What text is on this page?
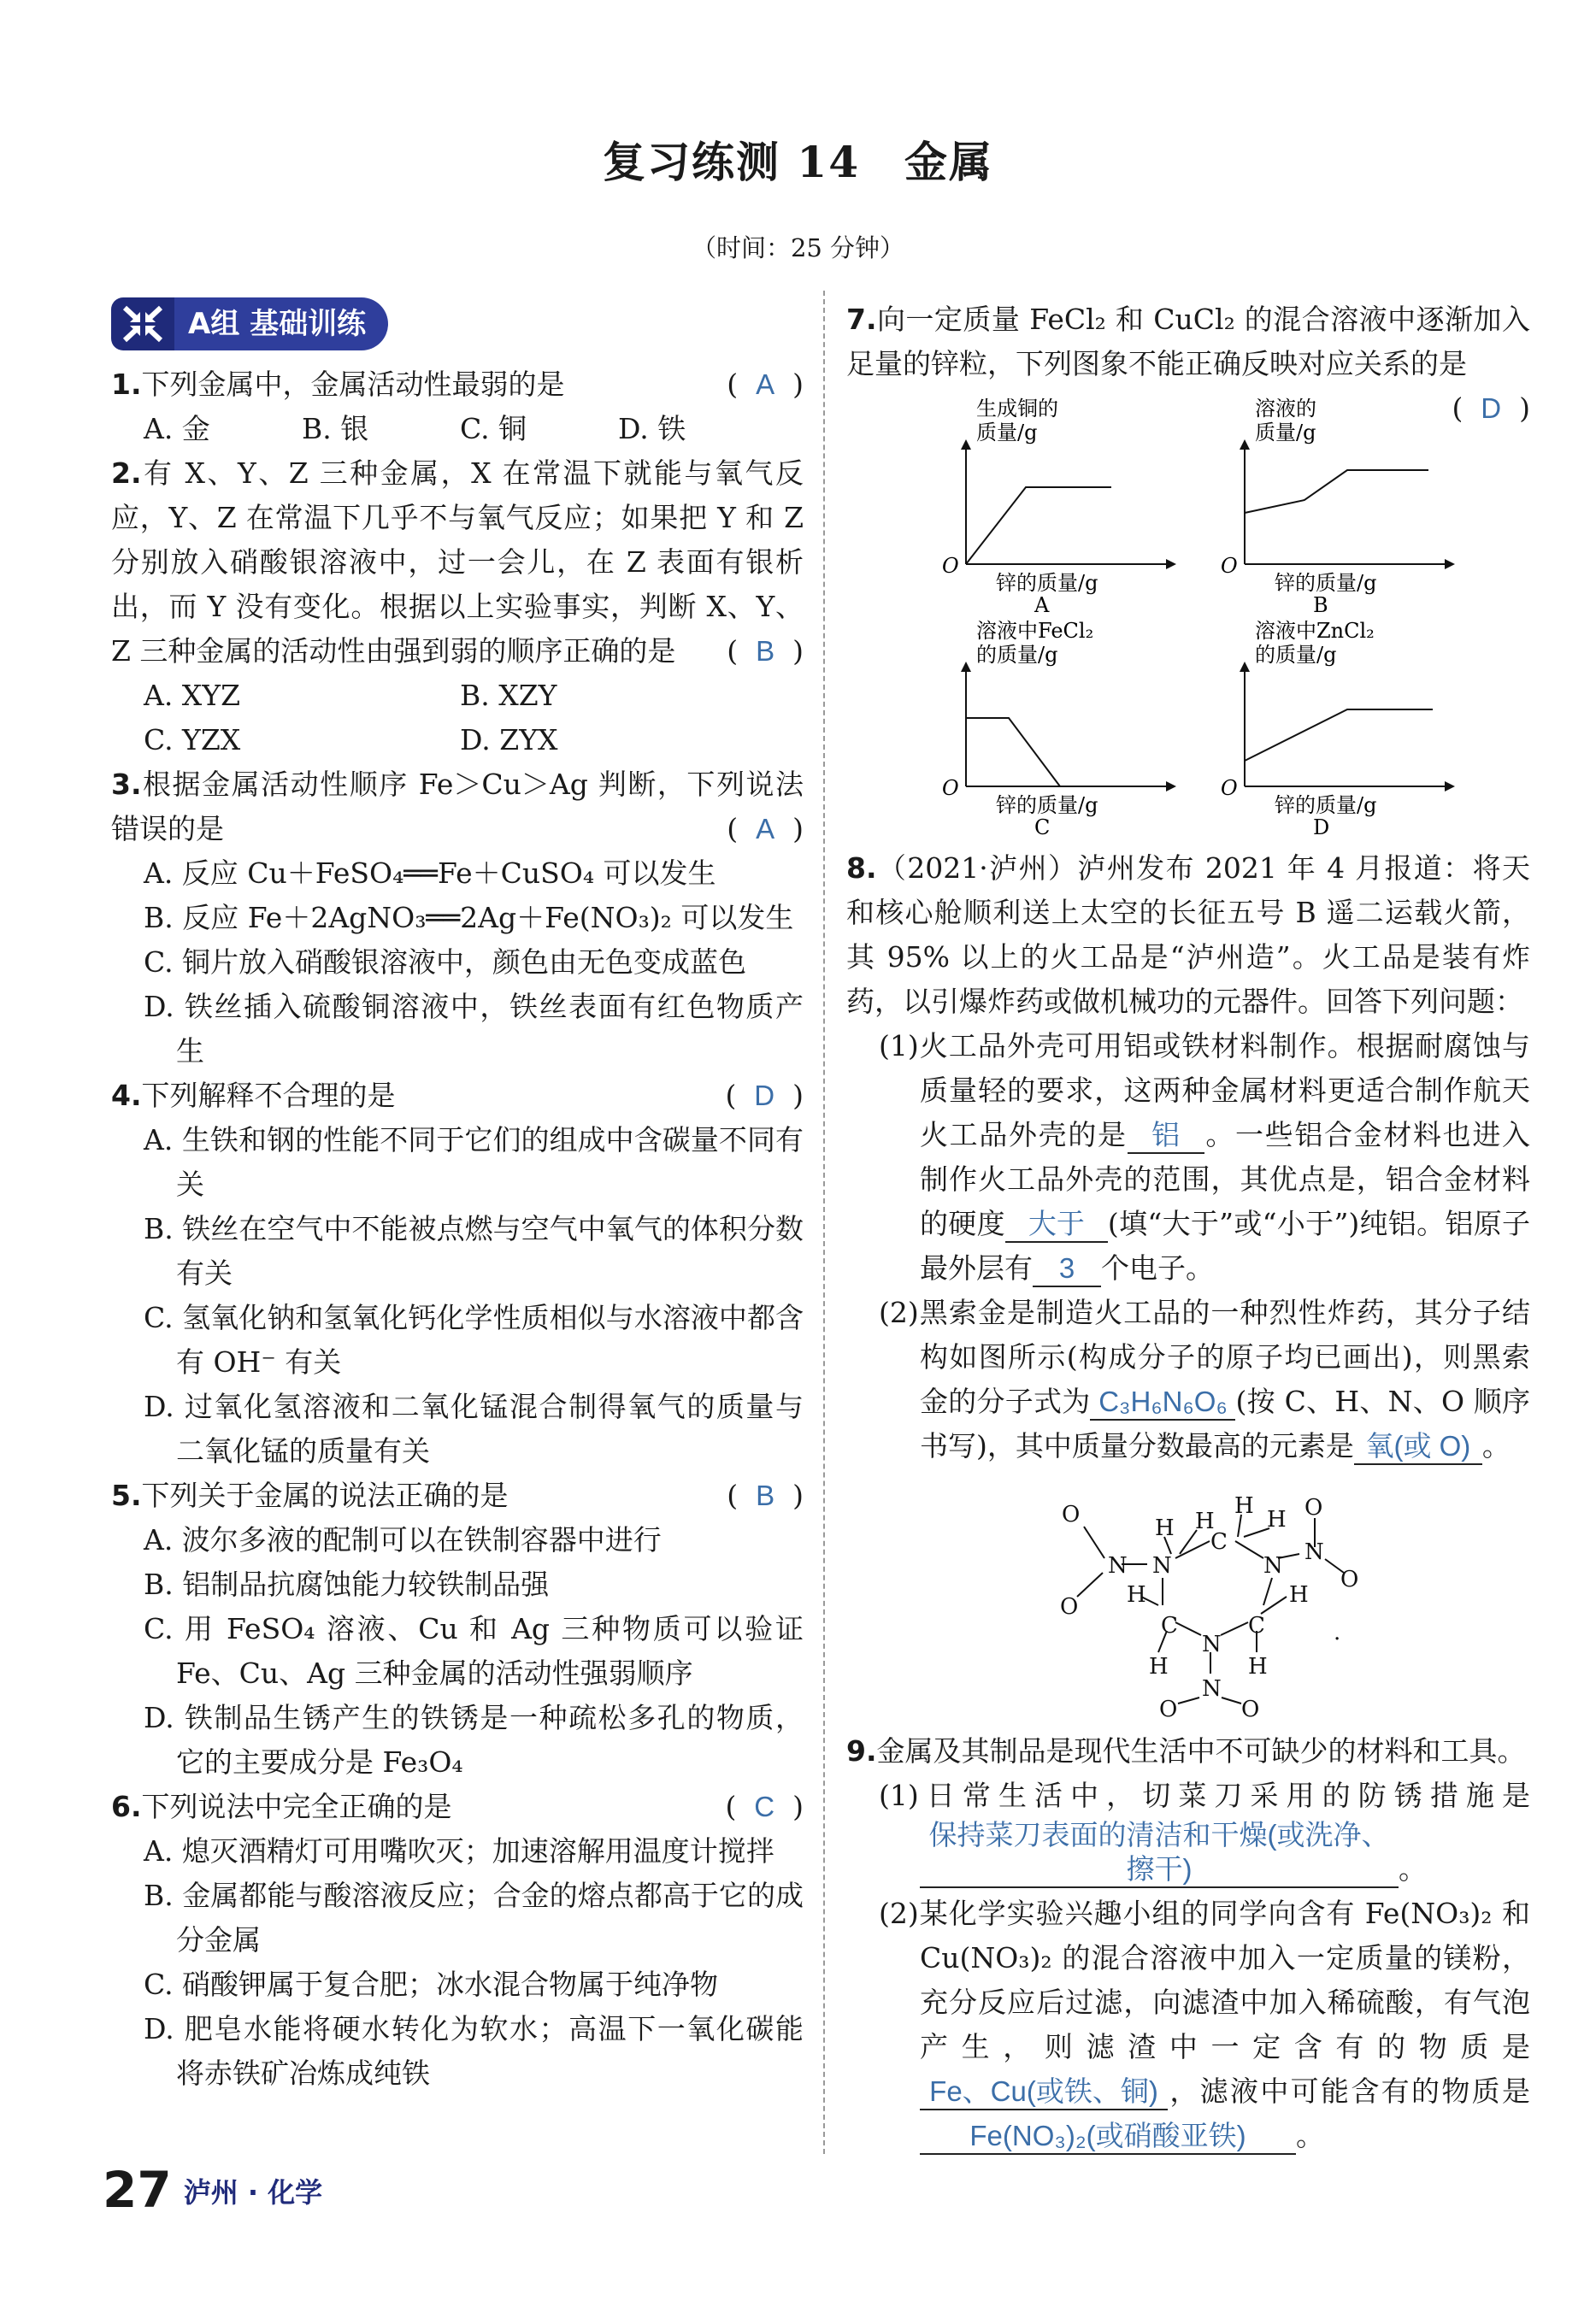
复习练测 14　金属
（时间：25 分钟）
A组 基础训练
(  A  )
1.下列金属中，金属活动性最弱的是
A. 金	B. 银	C. 铜	D. 铁
2.有 X、Y、Z 三种金属，X 在常温下就能与氧气反应，Y、Z 在常温下几乎不与氧气反应；如果把 Y 和 Z 分别放入硝酸银溶液中，过一会儿，在 Z 表面有银析出，而 Y 没有变化。根据以上实验事实，判断 X、Y、Z 三种金属的活动性由强到弱的顺序正确的是 (  B  )
A. XYZ	B. XZY
C. YZX	D. ZYX
3.根据金属活动性顺序 Fe＞Cu＞Ag 判断，下列说法错误的是	(  A  )
A. 反应 Cu＋FeSO₄══Fe＋CuSO₄ 可以发生
B. 反应 Fe＋2AgNO₃══2Ag＋Fe(NO₃)₂ 可以发生
C. 铜片放入硝酸银溶液中，颜色由无色变成蓝色
D. 铁丝插入硫酸铜溶液中，铁丝表面有红色物质产生
(  D  )
4.下列解释不合理的是
A. 生铁和钢的性能不同于它们的组成中含碳量不同有关
B. 铁丝在空气中不能被点燃与空气中氧气的体积分数有关
C. 氢氧化钠和氢氧化钙化学性质相似与水溶液中都含有 OH⁻ 有关
D. 过氧化氢溶液和二氧化锰混合制得氧气的质量与二氧化锰的质量有关
(  B  )
5.下列关于金属的说法正确的是
A. 波尔多液的配制可以在铁制容器中进行
B. 铝制品抗腐蚀能力较铁制品强
C. 用 FeSO₄ 溶液、Cu 和 Ag 三种物质可以验证 Fe、Cu、Ag 三种金属的活动性强弱顺序
D. 铁制品生锈产生的铁锈是一种疏松多孔的物质，它的主要成分是 Fe₃O₄
(  C  )
6.下列说法中完全正确的是
A. 熄灭酒精灯可用嘴吹灭；加速溶解用温度计搅拌
B. 金属都能与酸溶液反应；合金的熔点都高于它的成分金属
C. 硝酸钾属于复合肥；冰水混合物属于纯净物
D. 肥皂水能将硬水转化为软水；高温下一氧化碳能将赤铁矿冶炼成纯铁
7.向一定质量 FeCl₂ 和 CuCl₂ 的混合溶液中逐渐加入足量的锌粒，下列图象不能正确反映对应关系的是
(  D  )
生成铜的
质量/g
O
锌的质量/g
A
溶液的
质量/g
O
锌的质量/g
B
溶液中FeCl₂
的质量/g
O
锌的质量/g
C
溶液中ZnCl₂
的质量/g
O
锌的质量/g
D
8.（2021·泸州）泸州发布 2021 年 4 月报道：将天和核心舱顺利送上太空的长征五号 B 遥二运载火箭，其 95% 以上的火工品是“泸州造”。火工品是装有炸药，以引爆炸药或做机械功的元器件。回答下列问题：
(1)火工品外壳可用铝或铁材料制作。根据耐腐蚀与质量轻的要求，这两种金属材料更适合制作航天火工品外壳的是 铝 。一些铝合金材料也进入制作火工品外壳的范围，其优点是，铝合金材料的硬度 大于 (填“大于”或“小于”)纯铝。铝原子最外层有 3 个电子。
(2)黑索金是制造火工品的一种烈性炸药，其分子结构如图所示(构成分子的原子均已画出)，则黑索金的分子式为 C₃H₆N₆O₆ (按 C、H、N、O 顺序书写)，其中质量分数最高的元素是 氧(或 O) 。
O
N
O
N
H H
C
H
H
N
N
O
O
H	H
C	C
N
H	H
N
O	O
.
9.金属及其制品是现代生活中不可缺少的材料和工具。
(1)日常生活中，切菜刀采用的防锈措施是保持菜刀表面的清洁和干燥(或洗净、擦干)	。
(2)某化学实验兴趣小组的同学向含有 Fe(NO₃)₂ 和 Cu(NO₃)₂ 的混合溶液中加入一定质量的镁粉，充分反应后过滤，向滤渣中加入稀硫酸，有气泡产生，则滤渣中一定含有的物质是Fe、Cu(或铁、铜) ，滤液中可能含有的物质是Fe(NO₃)₂(或硝酸亚铁) 。
27 泸州 · 化学
